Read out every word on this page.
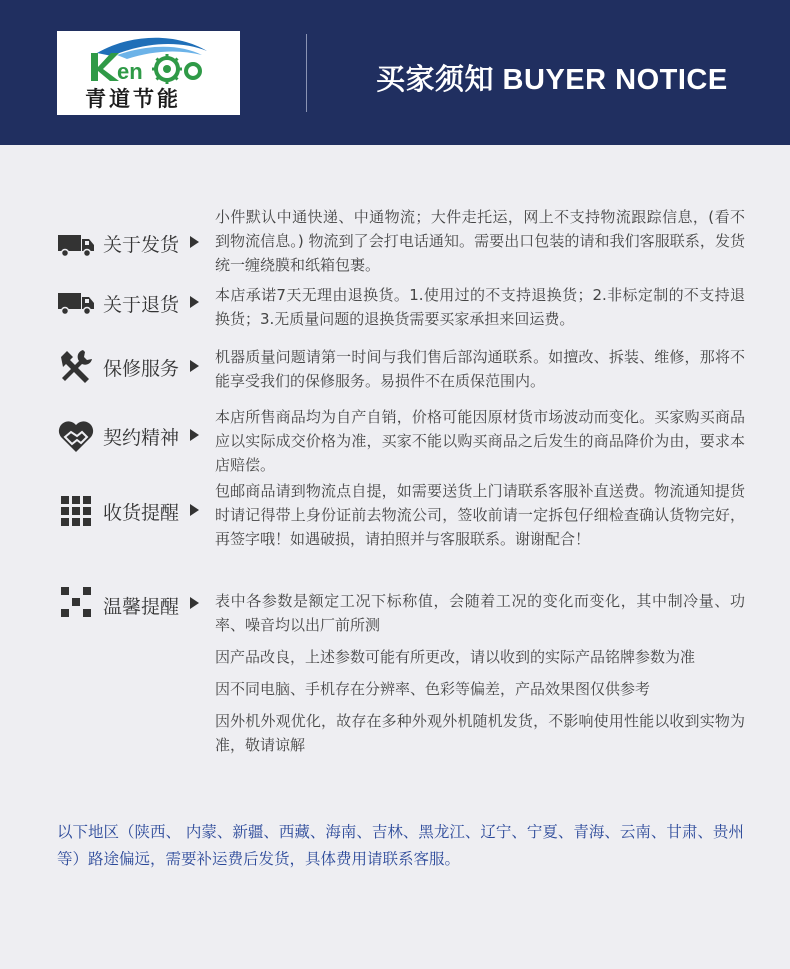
en
青道节能
买家须知 BUYER NOTICE
关于发货
小件默认中通快递、中通物流；大件走托运，网上不支持物流跟踪信息，(看不到物流信息。) 物流到了会打电话通知。需要出口包装的请和我们客服联系，发货统一缠绕膜和纸箱包裹。
关于退货 本店承诺7天无理由退换货。1.使用过的不支持退换货；2.非标定制的不支持退换货；3.无质量问题的退换货需要买家承担来回运费。
保修服务
机器质量问题请第一时间与我们售后部沟通联系。如擅改、拆装、维修，那将不能享受我们的保修服务。易损件不在质保范围内。
契约精神
本店所售商品均为自产自销，价格可能因原材货市场波动而变化。买家购买商品应以实际成交价格为准，买家不能以购买商品之后发生的商品降价为由，要求本店赔偿。
收货提醒
包邮商品请到物流点自提，如需要送货上门请联系客服补直送费。物流通知提货时请记得带上身份证前去物流公司，签收前请一定拆包仔细检查确认货物完好，再签字哦！如遇破损，请拍照并与客服联系。谢谢配合！
温馨提醒 表中各参数是额定工况下标称值，会随着工况的变化而变化，其中制冷量、功率、噪音均以出厂前所测
因产品改良，上述参数可能有所更改，请以收到的实际产品铭牌参数为准
因不同电脑、手机存在分辨率、色彩等偏差，产品效果图仅供参考
因外机外观优化，故存在多种外观外机随机发货，不影响使用性能以收到实物为准，敬请谅解
以下地区（陕西、 内蒙、新疆、西藏、海南、吉林、黑龙江、辽宁、宁夏、青海、云南、甘肃、贵州等）路途偏远，需要补运费后发货，具体费用请联系客服。
